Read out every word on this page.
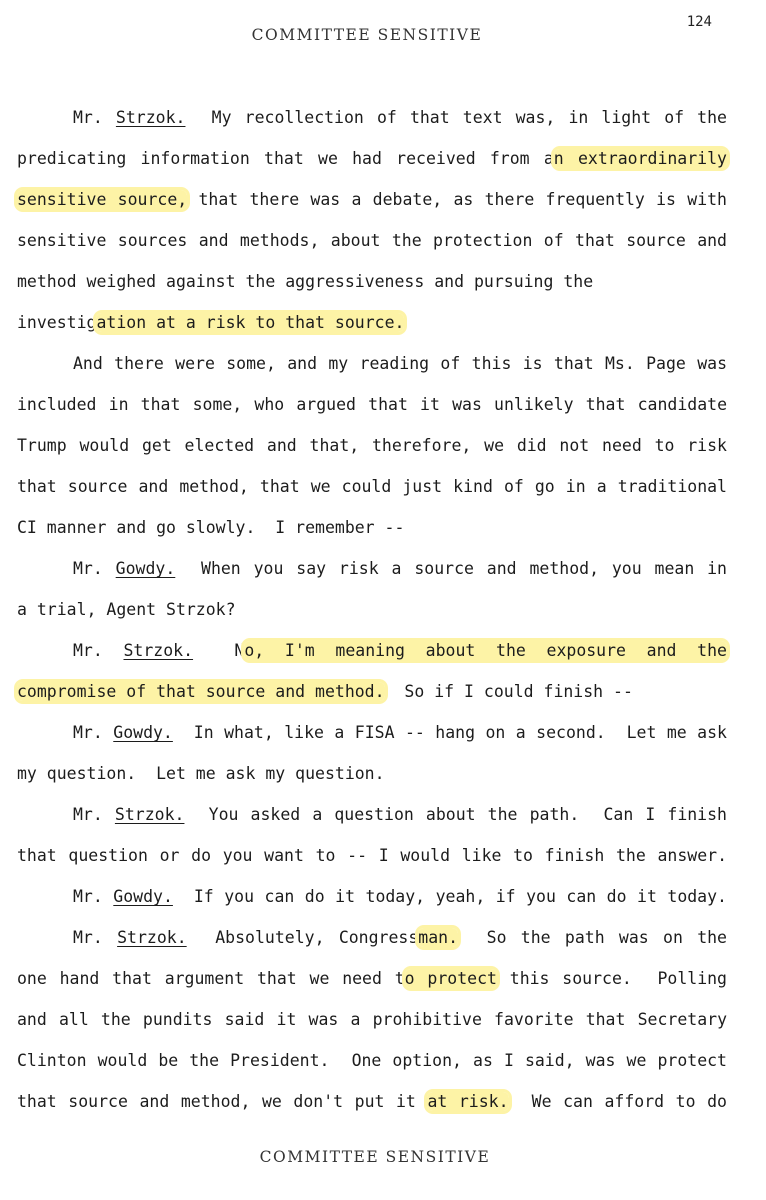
124
COMMITTEE SENSITIVE
Mr. Strzok.  My recollection of that text was, in light of the
predicating information that we had received from an extraordinarily
sensitive source, that there was a debate, as there frequently is with
sensitive sources and methods, about the protection of that source and
method weighed against the aggressiveness and pursuing the
investigation at a risk to that source.
And there were some, and my reading of this is that Ms. Page was
included in that some, who argued that it was unlikely that candidate
Trump would get elected and that, therefore, we did not need to risk
that source and method, that we could just kind of go in a traditional
CI manner and go slowly.  I remember --
Mr. Gowdy.  When you say risk a source and method, you mean in
a trial, Agent Strzok?
Mr. Strzok.  No, I'm meaning about the exposure and the
compromise of that source and method.  So if I could finish --
Mr. Gowdy.  In what, like a FISA -- hang on a second.  Let me ask
my question.  Let me ask my question.
Mr. Strzok.  You asked a question about the path.  Can I finish
that question or do you want to -- I would like to finish the answer.
Mr. Gowdy.  If you can do it today, yeah, if you can do it today.
Mr. Strzok.  Absolutely, Congressman.  So the path was on the
one hand that argument that we need to protect this source.  Polling
and all the pundits said it was a prohibitive favorite that Secretary
Clinton would be the President.  One option, as I said, was we protect
that source and method, we don't put it at risk.  We can afford to do
COMMITTEE SENSITIVE
